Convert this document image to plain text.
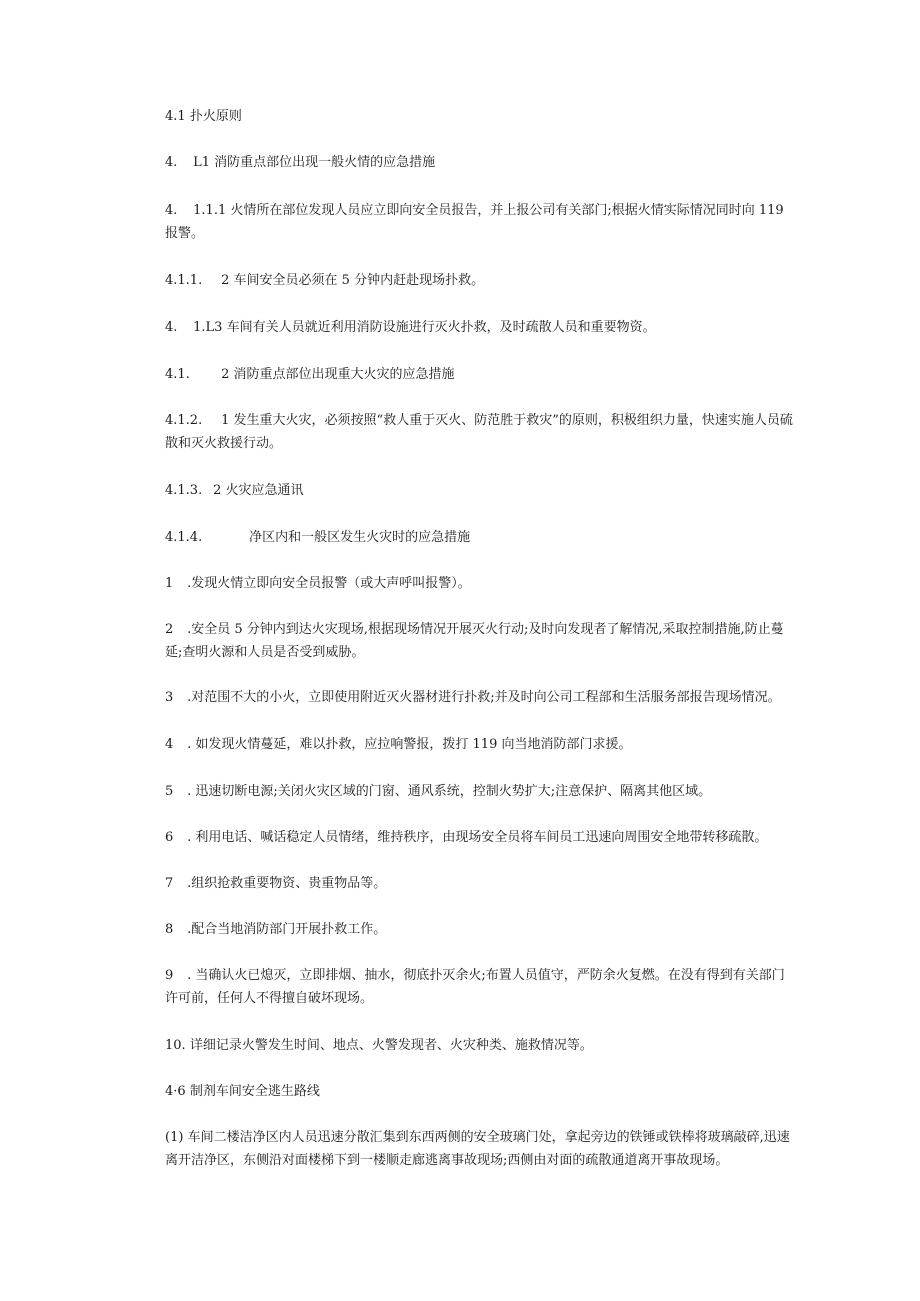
4.1 扑火原则

4. L1 消防重点部位出现一般火情的应急措施

4. 1.1.1 火情所在部位发现人员应立即向安全员报告，并上报公司有关部门;根据火情实际情况同时向 119 报警。

4.1.1. 2 车间安全员必须在 5 分钟内赶赴现场扑救。

4. 1.L3 车间有关人员就近利用消防设施进行灭火扑救，及时疏散人员和重要物资。

4.1. 2 消防重点部位出现重大火灾的应急措施

4.1.2. 1 发生重大火灾，必须按照“救人重于灭火、防范胜于救灾”的原则，积极组织力量，快速实施人员硫散和灭火救援行动。

4.1.3. 2 火灾应急通讯

4.1.4.	净区内和一般区发生火灾时的应急措施

1 .发现火情立即向安全员报警（或大声呼叫报警）。

2 .安全员 5 分钟内到达火灾现场,根据现场情况开展灭火行动;及时向发现者了解情况,采取控制措施,防止蔓延;查明火源和人员是否受到威胁。

3 .对范围不大的小火，立即使用附近灭火器材进行扑救;并及时向公司工程部和生活服务部报告现场情况。

4 . 如发现火情蔓延，难以扑救，应拉响警报，拨打 119 向当地消防部门求援。

5 . 迅速切断电源;关闭火灾区域的门窗、通风系统，控制火势扩大;注意保护、隔离其他区域。

6 . 利用电话、喊话稳定人员情绪，维持秩序，由现场安全员将车间员工迅速向周围安全地带转移疏散。

7 .组织抢救重要物资、贵重物品等。

8 .配合当地消防部门开展扑救工作。

9 . 当确认火已熄灭，立即排烟、抽水，彻底扑灭余火;布置人员值守，严防余火复燃。在没有得到有关部门许可前，任何人不得擅自破坏现场。

10. 详细记录火警发生时间、地点、火警发现者、火灾种类、施救情况等。

4·6 制剂车间安全逃生路线

(1) 车间二楼洁净区内人员迅速分散汇集到东西两侧的安全玻璃门处，拿起旁边的铁锤或铁棒将玻璃敲碎,迅速离开洁净区，东侧沿对面楼梯下到一楼顺走廊逃离事故现场;西侧由对面的疏散通道离开事故现场。
